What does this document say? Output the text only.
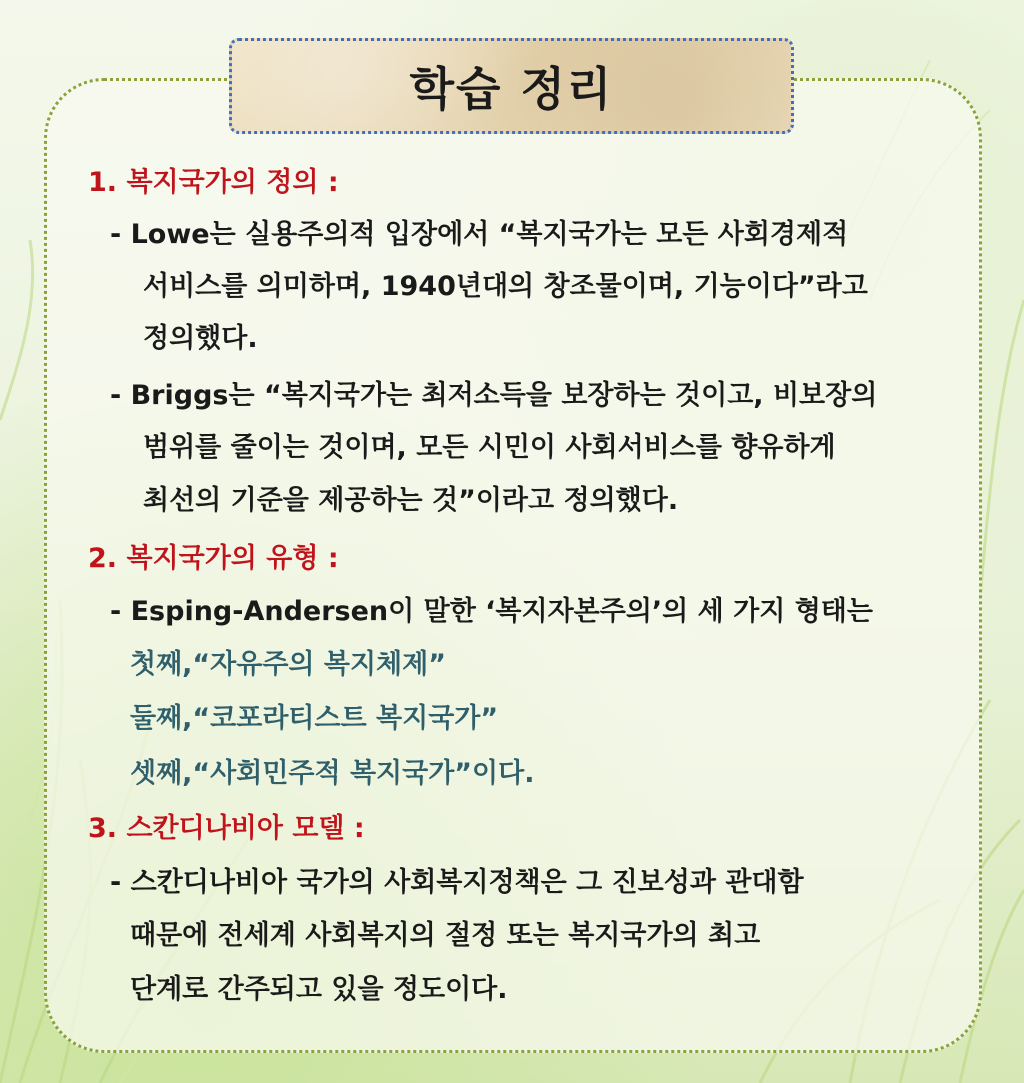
학습 정리
1. 복지국가의 정의 :
- Lowe는 실용주의적 입장에서 “복지국가는 모든 사회경제적
서비스를 의미하며, 1940년대의 창조물이며, 기능이다”라고
정의했다.
- Briggs는 “복지국가는 최저소득을 보장하는 것이고, 비보장의
범위를 줄이는 것이며, 모든 시민이 사회서비스를 향유하게
최선의 기준을 제공하는 것”이라고 정의했다.
2. 복지국가의 유형 :
- Esping-Andersen이 말한 ‘복지자본주의’의 세 가지 형태는
첫째,“자유주의 복지체제”
둘째,“코포라티스트 복지국가”
셋째,“사회민주적 복지국가”이다.
3. 스칸디나비아 모델 :
- 스칸디나비아 국가의 사회복지정책은 그 진보성과 관대함
때문에 전세계 사회복지의 절정 또는 복지국가의 최고
단계로 간주되고 있을 정도이다.
